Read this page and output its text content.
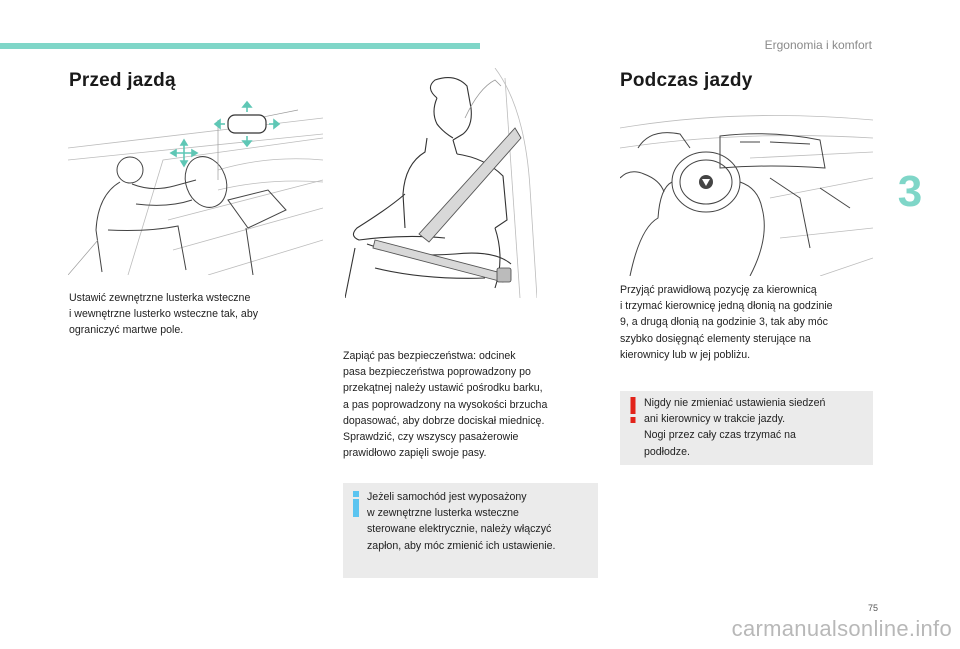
Ergonomia i komfort
3
Przed jazdą

Ustawić zewnętrzne lusterka wsteczne
i wewnętrzne lusterko wsteczne tak, aby
ograniczyć martwe pole.

Zapiąć pas bezpieczeństwa: odcinek
pasa bezpieczeństwa poprowadzony po
przekątnej należy ustawić pośrodku barku,
a pas poprowadzony na wysokości brzucha
dopasować, aby dobrze dociskał miednicę.
Sprawdzić, czy wszyscy pasażerowie
prawidłowo zapięli swoje pasy.

Jeżeli samochód jest wyposażony
w zewnętrzne lusterka wsteczne
sterowane elektrycznie, należy włączyć
zapłon, aby móc zmienić ich ustawienie.
Podczas jazdy

Przyjąć prawidłową pozycję za kierownicą
i trzymać kierownicę jedną dłonią na godzinie
9, a drugą dłonią na godzinie 3, tak aby móc
szybko dosięgnąć elementy sterujące na
kierownicy lub w jej pobliżu.

Nigdy nie zmieniać ustawienia siedzeń
ani kierownicy w trakcie jazdy.
Nogi przez cały czas trzymać na
podłodze.
75
carmanualsonline.info
